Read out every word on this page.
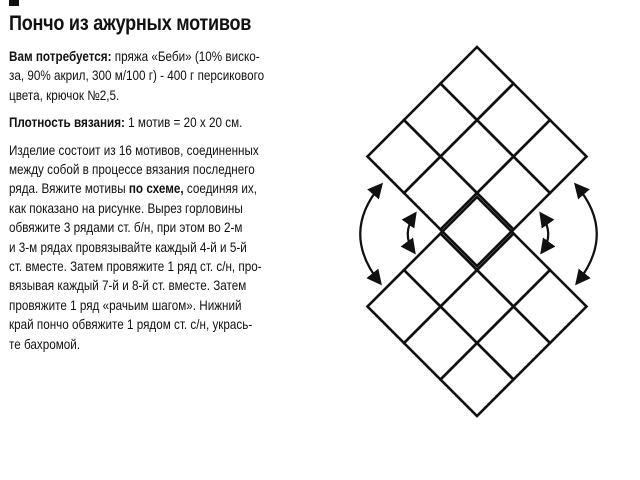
Пончо из ажурных мотивов

Вам потребуется: пряжа «Беби» (10% виско-
за, 90% акрил, 300 м/100 г) - 400 г персикового
цвета, крючок №2,5.

Плотность вязания: 1 мотив = 20 х 20 см.

Изделие состоит из 16 мотивов, соединенных
между собой в процессе вязания последнего
ряда. Вяжите мотивы по схеме, соединяя их,
как показано на рисунке. Вырез горловины
обвяжите 3 рядами ст. б/н, при этом во 2-м
и 3-м рядах провязывайте каждый 4-й и 5-й
ст. вместе. Затем провяжите 1 ряд ст. с/н, про-
вязывая каждый 7-й и 8-й ст. вместе. Затем
провяжите 1 ряд «рачьим шагом». Нижний
край пончо обвяжите 1 рядом ст. с/н, укрась-
те бахромой.
